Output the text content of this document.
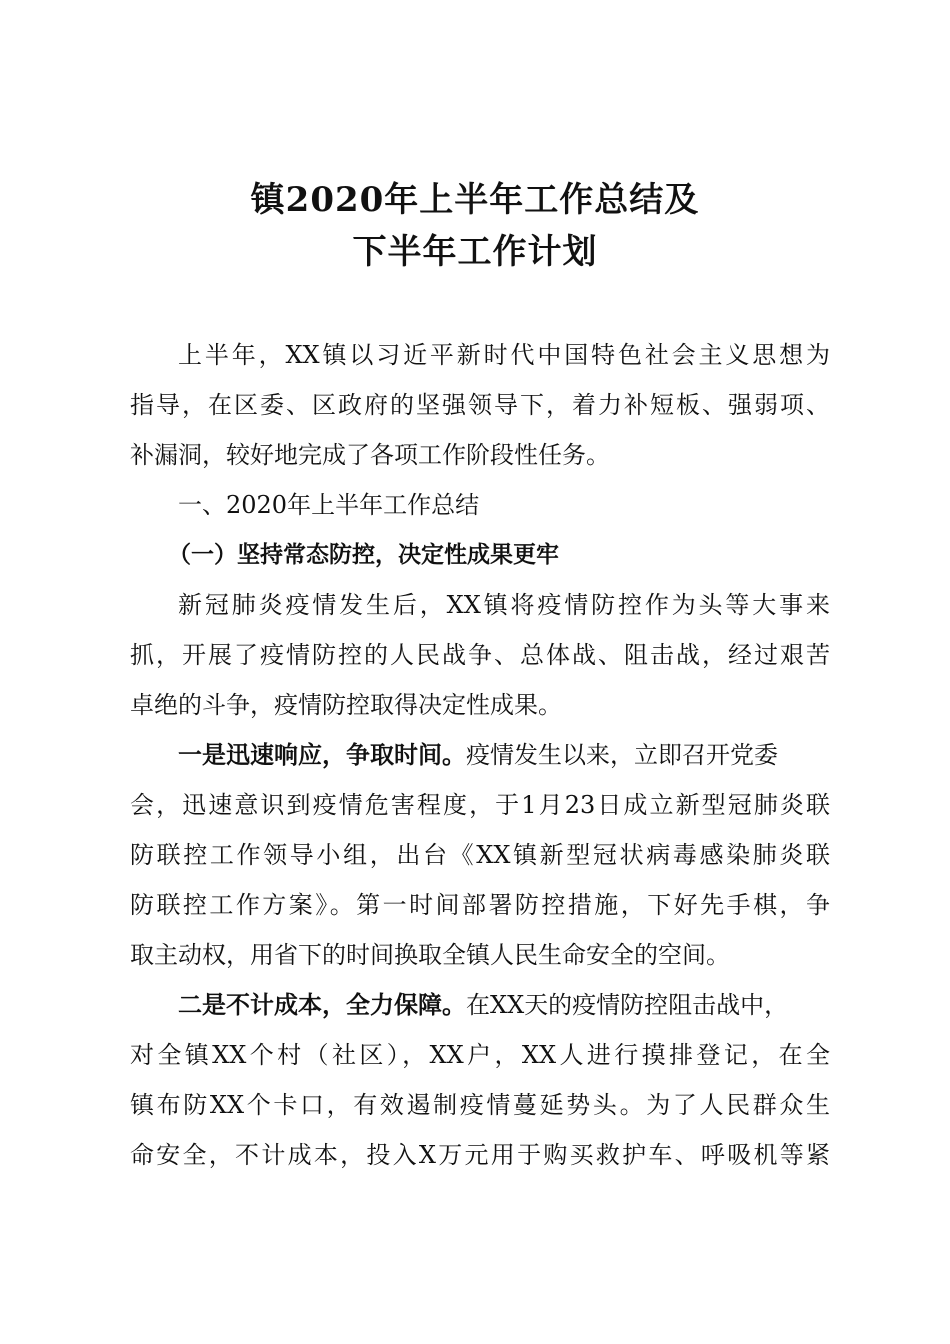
镇2020年上半年工作总结及
下半年工作计划
上半年，XX镇以习近平新时代中国特色社会主义思想为
指导，在区委、区政府的坚强领导下，着力补短板、强弱项、
补漏洞，较好地完成了各项工作阶段性任务。
一、2020年上半年工作总结
（一）坚持常态防控，决定性成果更牢
新冠肺炎疫情发生后，XX镇将疫情防控作为头等大事来
抓，开展了疫情防控的人民战争、总体战、阻击战，经过艰苦
卓绝的斗争，疫情防控取得决定性成果。
一是迅速响应，争取时间。疫情发生以来，立即召开党委
会，迅速意识到疫情危害程度，于1月23日成立新型冠肺炎联
防联控工作领导小组，出台《XX镇新型冠状病毒感染肺炎联
防联控工作方案》。第一时间部署防控措施，下好先手棋，争
取主动权，用省下的时间换取全镇人民生命安全的空间。
二是不计成本，全力保障。在XX天的疫情防控阻击战中，
对全镇XX个村（社区），XX户，XX人进行摸排登记，在全
镇布防XX个卡口，有效遏制疫情蔓延势头。为了人民群众生
命安全，不计成本，投入X万元用于购买救护车、呼吸机等紧
